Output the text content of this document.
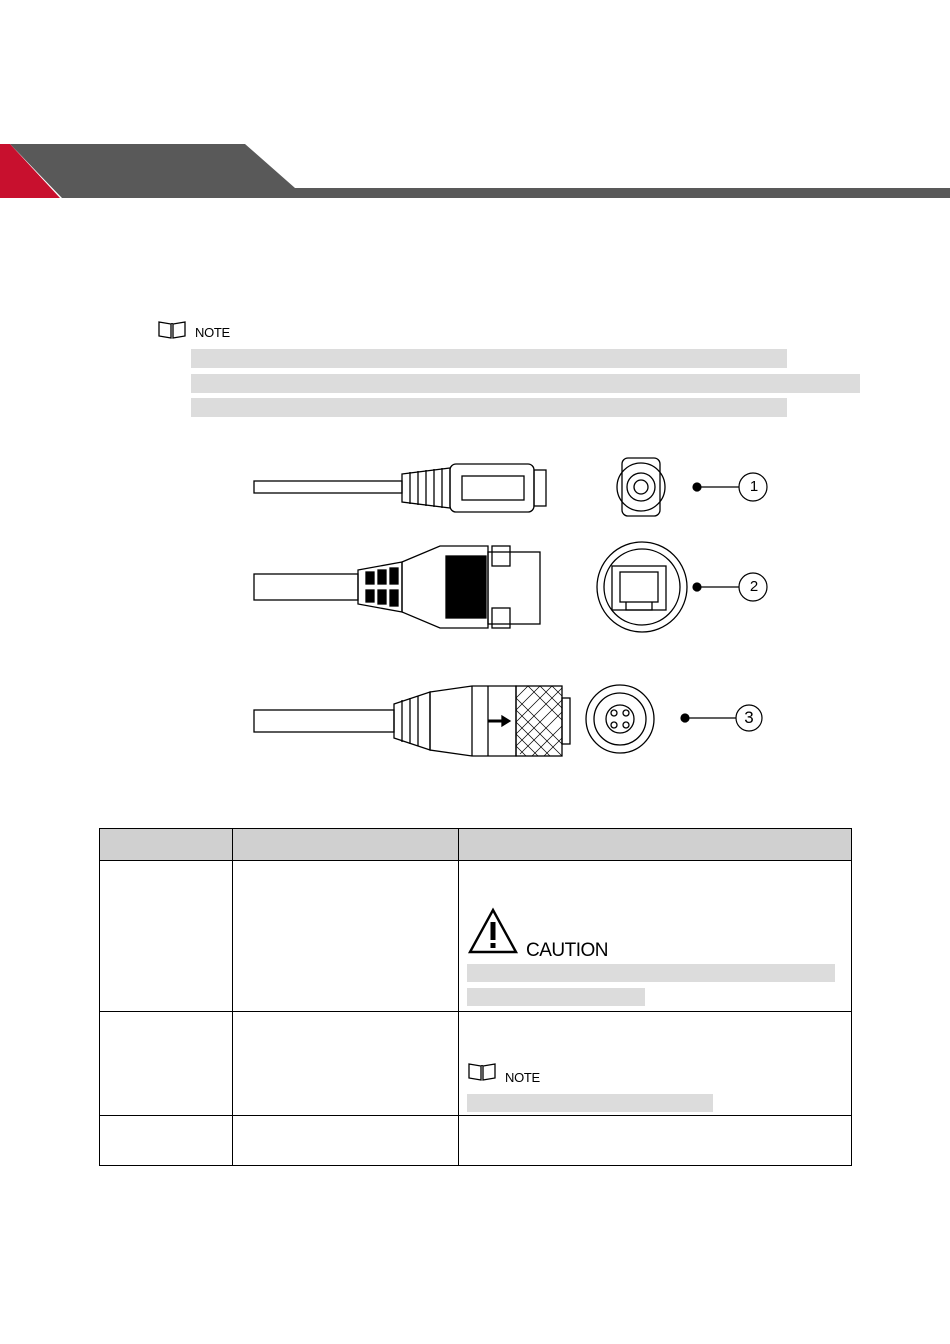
NOTE
1
2
3

		CAUTION

		NOTE
